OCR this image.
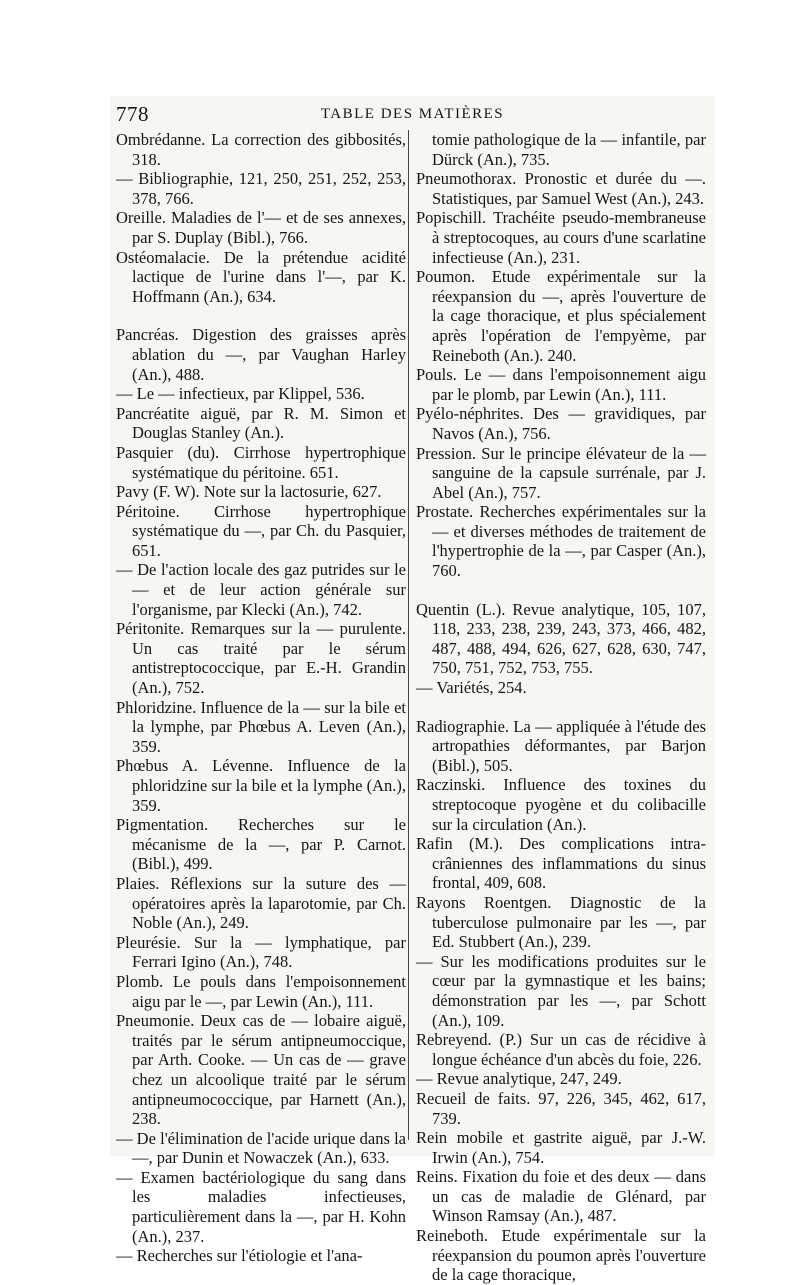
778	TABLE DES MATIÈRES

Ombrédanne. La correction des gibbosités, 318.

— Bibliographie, 121, 250, 251, 252, 253, 378, 766.

Oreille. Maladies de l'— et de ses annexes, par S. Duplay (Bibl.), 766.

Ostéomalacie. De la prétendue acidité lactique de l'urine dans l'—, par K. Hoffmann (An.), 634.

Pancréas. Digestion des graisses après ablation du —, par Vaughan Harley (An.), 488.

— Le — infectieux, par Klippel, 536.

Pancréatite aiguë, par R. M. Simon et Douglas Stanley (An.).

Pasquier (du). Cirrhose hypertrophique systématique du péritoine. 651.

Pavy (F. W). Note sur la lactosurie, 627.

Péritoine. Cirrhose hypertrophique systématique du —, par Ch. du Pasquier, 651.

— De l'action locale des gaz putrides sur le — et de leur action générale sur l'organisme, par Klecki (An.), 742.

Péritonite. Remarques sur la — purulente. Un cas traité par le sérum antistreptococcique, par E.-H. Grandin (An.), 752.

Phloridzine. Influence de la — sur la bile et la lymphe, par Phœbus A. Leven (An.), 359.

Phœbus A. Lévenne. Influence de la phloridzine sur la bile et la lymphe (An.), 359.

Pigmentation. Recherches sur le mécanisme de la —, par P. Carnot. (Bibl.), 499.

Plaies. Réflexions sur la suture des — opératoires après la laparotomie, par Ch. Noble (An.), 249.

Pleurésie. Sur la — lymphatique, par Ferrari Igino (An.), 748.

Plomb. Le pouls dans l'empoisonnement aigu par le —, par Lewin (An.), 111.

Pneumonie. Deux cas de — lobaire aiguë, traités par le sérum antipneumoccique, par Arth. Cooke. — Un cas de — grave chez un alcoolique traité par le sérum antipneumococcique, par Harnett (An.), 238.

— De l'élimination de l'acide urique dans la —, par Dunin et Nowaczek (An.), 633.

— Examen bactériologique du sang dans les maladies infectieuses, particulièrement dans la —, par H. Kohn (An.), 237.

— Recherches sur l'étiologie et l'ana-

tomie pathologique de la — infantile, par Dürck (An.), 735.

Pneumothorax. Pronostic et durée du —. Statistiques, par Samuel West (An.), 243.

Popischill. Trachéite pseudo-membraneuse à streptocoques, au cours d'une scarlatine infectieuse (An.), 231.

Poumon. Etude expérimentale sur la réexpansion du —, après l'ouverture de la cage thoracique, et plus spécialement après l'opération de l'empyème, par Reineboth (An.). 240.

Pouls. Le — dans l'empoisonnement aigu par le plomb, par Lewin (An.), 111.

Pyélo-néphrites. Des — gravidiques, par Navos (An.), 756.

Pression. Sur le principe élévateur de la — sanguine de la capsule surrénale, par J. Abel (An.), 757.

Prostate. Recherches expérimentales sur la — et diverses méthodes de traitement de l'hypertrophie de la —, par Casper (An.), 760.

Quentin (L.). Revue analytique, 105, 107, 118, 233, 238, 239, 243, 373, 466, 482, 487, 488, 494, 626, 627, 628, 630, 747, 750, 751, 752, 753, 755.

— Variétés, 254.

Radiographie. La — appliquée à l'étude des artropathies déformantes, par Barjon (Bibl.), 505.

Raczinski. Influence des toxines du streptocoque pyogène et du colibacille sur la circulation (An.).

Rafin (M.). Des complications intra-crâniennes des inflammations du sinus frontal, 409, 608.

Rayons Roentgen. Diagnostic de la tuberculose pulmonaire par les —, par Ed. Stubbert (An.), 239.

— Sur les modifications produites sur le cœur par la gymnastique et les bains; démonstration par les —, par Schott (An.), 109.

Rebreyend. (P.) Sur un cas de récidive à longue échéance d'un abcès du foie, 226.

— Revue analytique, 247, 249.

Recueil de faits. 97, 226, 345, 462, 617, 739.

Rein mobile et gastrite aiguë, par J.-W. Irwin (An.), 754.

Reins. Fixation du foie et des deux — dans un cas de maladie de Glénard, par Winson Ramsay (An.), 487.

Reineboth. Etude expérimentale sur la réexpansion du poumon après l'ouverture de la cage thoracique,
